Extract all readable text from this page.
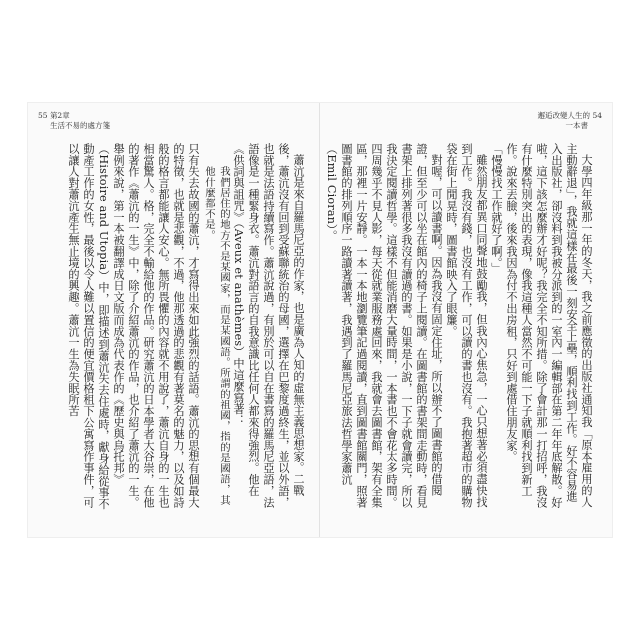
55 第2章
生活不易的處方箋

蕭沆是來自羅馬尼亞的作家，也是廣為人知的虛無主義思想家。二戰後，蕭沆沒有回到受蘇聯統治的母國，選擇在巴黎度過終生，並以外語，也就是法語持續寫作。蕭沆說過，有別於可以自在書寫的羅馬尼亞語，法語像是一種緊身衣。蕭沆對語言的自我意識比任何人都來得強烈。他在《供詞與詛咒》（Aveux et anathèmes）中這麼寫著：

我們居住的地方不是某國家，而是某國語。所謂的祖國，指的是國語，其他什麼都不是。

只有失去故國的蕭沆，才寫得出來如此強烈的話語。蕭沆的思想有個最大的特徵，也就是悲觀，不過，他那透過的悲觀有著莫名的魅力，以及如詩般的格言都能讓人安心。無所畏懼的內容就不用說了，蕭沆自身的一生也相當驚人。格，完全不輸給他的作品。研究蕭沆的日本學者大谷崇，在他的著作《蕭沆的一生》中，除了介紹蕭沆的作品，也介紹了蕭沆的一生。舉例來說，第一本被翻譯成日文版而成為代表作的《歷史與烏托邦》（Histoire and Utopia）中，即描述到蕭沆失去住處時，獻身給從事不動產工作的女性，最後以令人難以置信的便宜價格租下公寓寫作事件，可以讓人對蕭沆產生無止境的興趣。蕭沆一生為失眠所苦

邂逅改變人生的 54
一本書

大學四年級那一年的冬天，我之前應徵的出版社通知我「原本雇用的人主動辭退」，我就這樣在最後一刻安全上壘，順利找到工作。好不容易進入出版社，卻沒料到我被分派到的一室內一編輯部在第二年年底解散。好啦，這下該怎麼辦才好呢？我完全不知所措。除了會計那一打招呼，我沒有什麼特別突出的表現，像我這種人當然不可能一下子就順利找到新工作。說來丟臉，後來我因為付不出房租，只好到處借住朋友家。

「慢慢找工作就好了啊。」

雖然朋友都異口同聲地鼓勵我，但我內心焦急，一心只想著必須盡快找到工作。我沒有錢，也沒有工作，可以讀的書也沒有。我抱著超市的購物袋在街上閒晃時，圖書館映入了眼簾。

對喔，可以讀書啊。因為我沒有固定住址，所以辦不了圖書館的借閱證，但至少可以坐在館內的椅子上閱讀。在圖書館的書架間走動時，看見書架上排列著很多我沒有讀過的書。如果是小說，一下子就會讀完，所以我決定閱讀哲學。這樣不但能消磨大量時間，一本書也不會花太多時間。四周幾乎不見人影，每天從就業服務處回來，我就會去圖書館，架有全集區，那裡一片安靜。一本一本地瀏覽筆記過閱讀，直到圖書館關門，照著圖書館的排列順序一路讀著讀著，我遇到了羅馬尼亞旅法哲學家蕭沆（Emil Cioran）。
